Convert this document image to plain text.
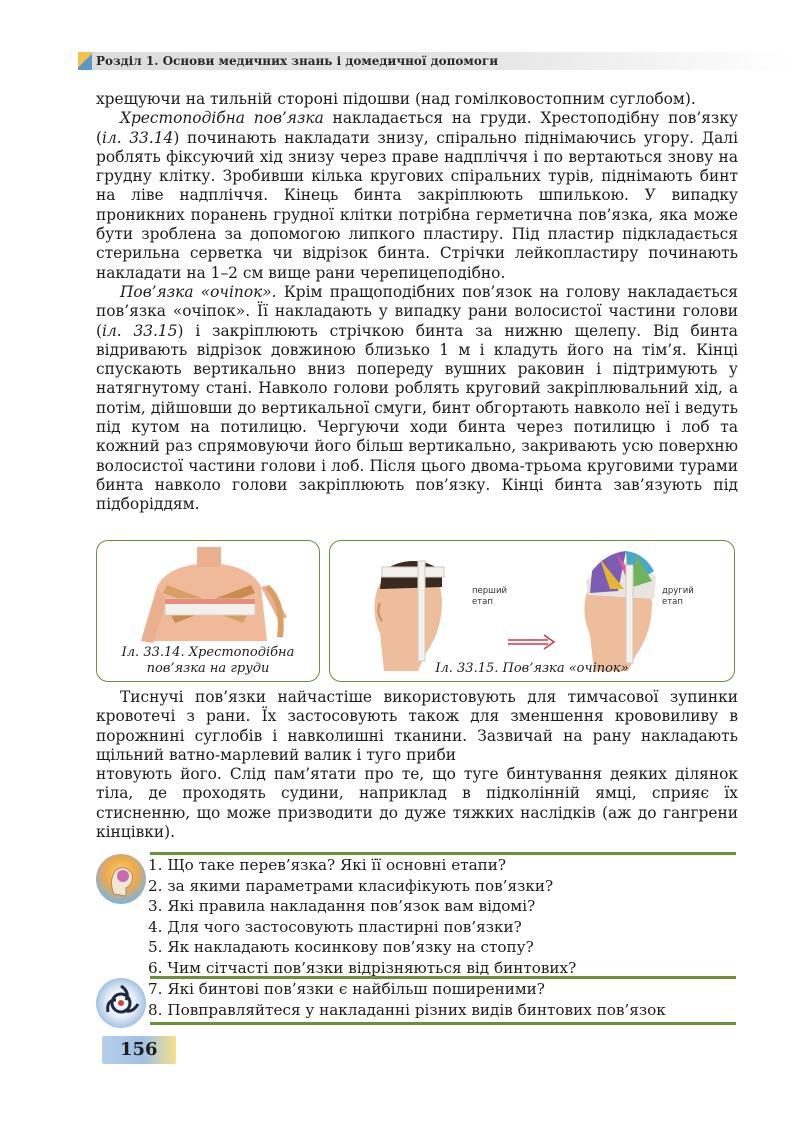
Розділ 1. Основи медичних знань і домедичної допомоги

хрещуючи на тильній стороні підошви (над гомілковостопним суглобом).

Хрестоподібна пов’язка накладається на груди. Хрестоподібну пов’язку (іл. 33.14) починають накладати знизу, спірально піднімаючись угору. Далі роблять фіксуючий хід знизу через праве надпліччя і по вертаються знову на грудну клітку. Зробивши кілька кругових спіральних турів, піднімають бинт на ліве надпліччя. Кінець бинта закріплюють шпилькою. У випадку проникних поранень грудної клітки потрібна герметична пов’язка, яка може бути зроблена за допомогою липкого пластиру. Під пластир підкладається стерильна серветка чи відрізок бинта. Стрічки лейкопластиру починають накладати на 1–2 см вище рани черепицеподібно.

Пов’язка «очіпок». Крім пращоподібних пов’язок на голову накладається пов’язка «очіпок». Її накладають у випадку рани волосистої частини голови (іл. 33.15) і закріплюють стрічкою бинта за нижню щелепу. Від бинта відривають відрізок довжиною близько 1 м і кладуть його на тім’я. Кінці спускають вертикально вниз попереду вушних раковин і підтримують у натягнутому стані. Навколо голови роблять круговий закріплювальний хід, а потім, дійшовши до вертикальної смуги, бинт обгортають навколо неї і ведуть під кутом на потилицю. Чергуючи ходи бинта через потилицю і лоб та кожний раз спрямовуючи його більш вертикально, закривають усю поверхню волосистої частини голови і лоб. Після цього двома-трьома круговими турами бинта навколо голови закріплюють пов’язку. Кінці бинта зав’язують під підборіддям.

Іл. 33.14. Хрестоподібна
пов’язка на груди
перший
етап
другий
етап
Іл. 33.15. Пов’язка «очіпок»

Тиснучі пов’язки найчастіше використовують для тимчасової зупинки кровотечі з рани. Їх застосовують також для зменшення крововиливу в порожнині суглобів і навколишні тканини. Зазвичай на рану накладають щільний ватно-марлевий валик і туго приби

нтовують його. Слід пам’ятати про те, що туге бинтування деяких ділянок тіла, де проходять судини, наприклад в підколінній ямці, сприяє їх стисненню, що може призводити до дуже тяжких наслідків (аж до гангрени кінцівки).

1. Що таке перев’язка? Які її основні етапи?
2. за якими параметрами класифікують пов’язки?
3. Які правила накладання пов’язок вам відомі?
4. Для чого застосовують пластирні пов’язки?
5. Як накладають косинкову пов’язку на стопу?
6. Чим сітчасті пов’язки відрізняються від бинтових?
7. Які бинтові пов’язки є найбільш поширеними?
8. Повправляйтеся у накладанні різних видів бинтових пов’язок
156
